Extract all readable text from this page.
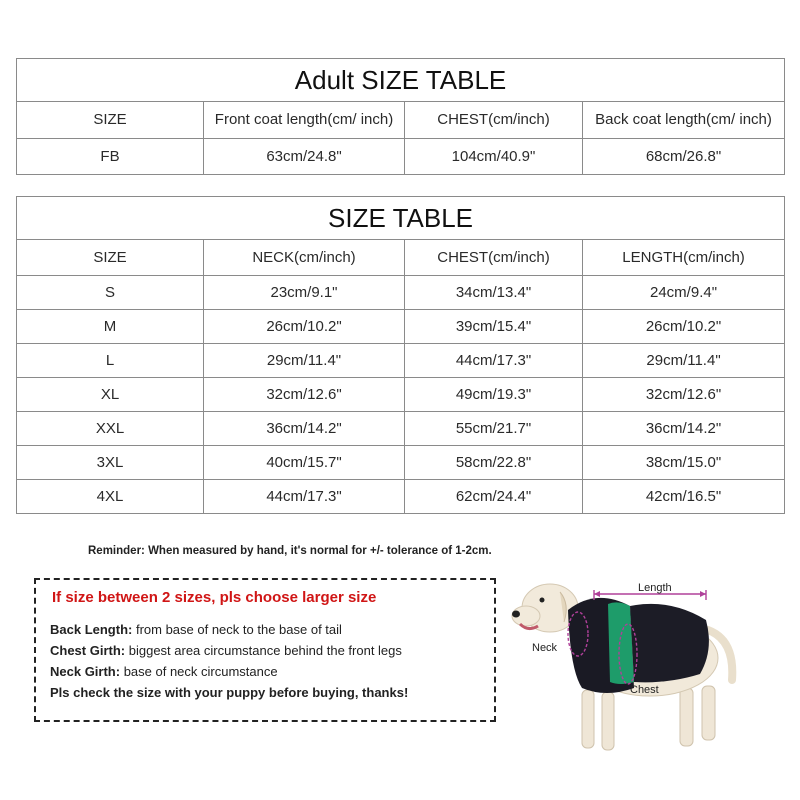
Adult SIZE TABLE			
SIZE	Front coat length(cm/ inch)	CHEST(cm/inch)	Back coat length(cm/ inch)
FB	63cm/24.8"	104cm/40.9"	68cm/26.8"
SIZE TABLE			
SIZE	NECK(cm/inch)	CHEST(cm/inch)	LENGTH(cm/inch)
S	23cm/9.1"	34cm/13.4"	24cm/9.4"
M	26cm/10.2"	39cm/15.4"	26cm/10.2"
L	29cm/11.4"	44cm/17.3"	29cm/11.4"
XL	32cm/12.6"	49cm/19.3"	32cm/12.6"
XXL	36cm/14.2"	55cm/21.7"	36cm/14.2"
3XL	40cm/15.7"	58cm/22.8"	38cm/15.0"
4XL	44cm/17.3"	62cm/24.4"	42cm/16.5"
Reminder: When measured by hand, it's normal for +/- tolerance of 1-2cm.
If size between 2 sizes, pls choose larger size
Back Length: from base of neck to the base of tail
Chest Girth: biggest area circumstance behind the front legs
Neck Girth: base of neck circumstance
Pls check the size with your puppy before buying, thanks!
Length
Neck
Chest
